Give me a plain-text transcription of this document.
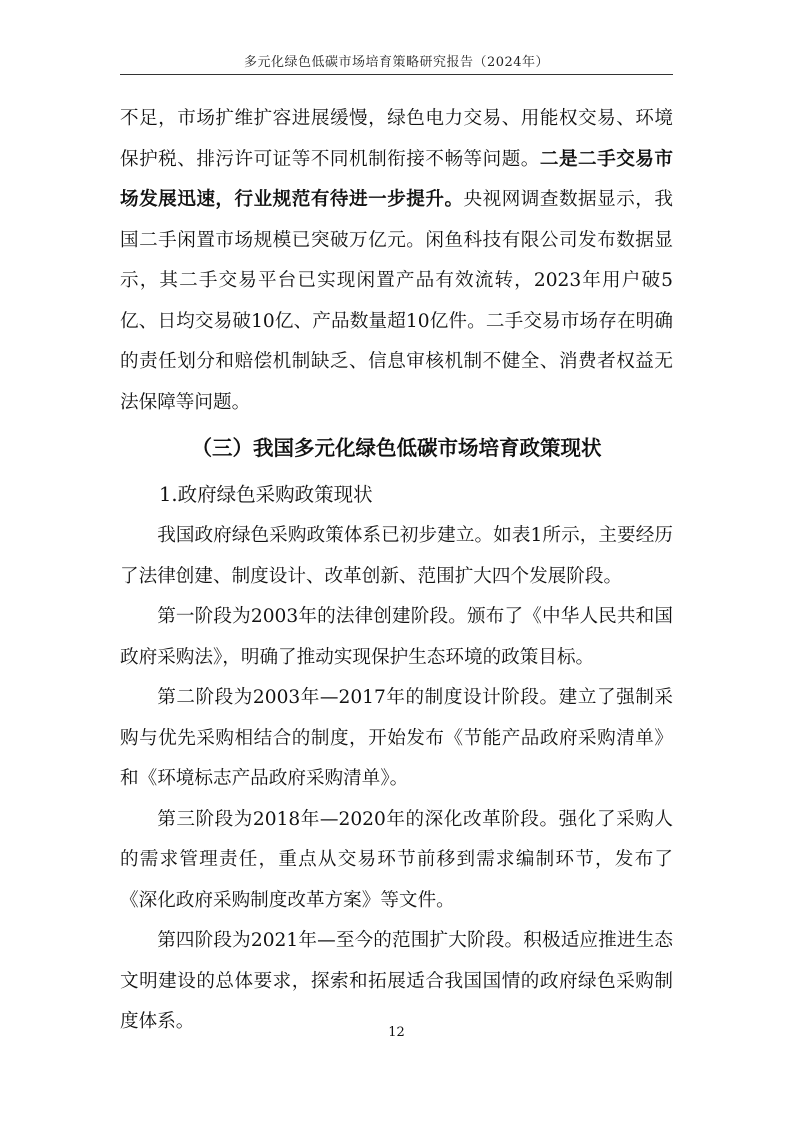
多元化绿色低碳市场培育策略研究报告（2024年）

不足，市场扩维扩容进展缓慢，绿色电力交易、用能权交易、环境保护税、排污许可证等不同机制衔接不畅等问题。二是二手交易市场发展迅速，行业规范有待进一步提升。央视网调查数据显示，我国二手闲置市场规模已突破万亿元。闲鱼科技有限公司发布数据显示，其二手交易平台已实现闲置产品有效流转，2023年用户破5亿、日均交易破10亿、产品数量超10亿件。二手交易市场存在明确的责任划分和赔偿机制缺乏、信息审核机制不健全、消费者权益无法保障等问题。

（三）我国多元化绿色低碳市场培育政策现状
1.政府绿色采购政策现状

我国政府绿色采购政策体系已初步建立。如表1所示，主要经历了法律创建、制度设计、改革创新、范围扩大四个发展阶段。

第一阶段为2003年的法律创建阶段。颁布了《中华人民共和国政府采购法》，明确了推动实现保护生态环境的政策目标。

第二阶段为2003年—2017年的制度设计阶段。建立了强制采购与优先采购相结合的制度，开始发布《节能产品政府采购清单》和《环境标志产品政府采购清单》。

第三阶段为2018年—2020年的深化改革阶段。强化了采购人的需求管理责任，重点从交易环节前移到需求编制环节，发布了《深化政府采购制度改革方案》等文件。

第四阶段为2021年—至今的范围扩大阶段。积极适应推进生态文明建设的总体要求，探索和拓展适合我国国情的政府绿色采购制度体系。

12
